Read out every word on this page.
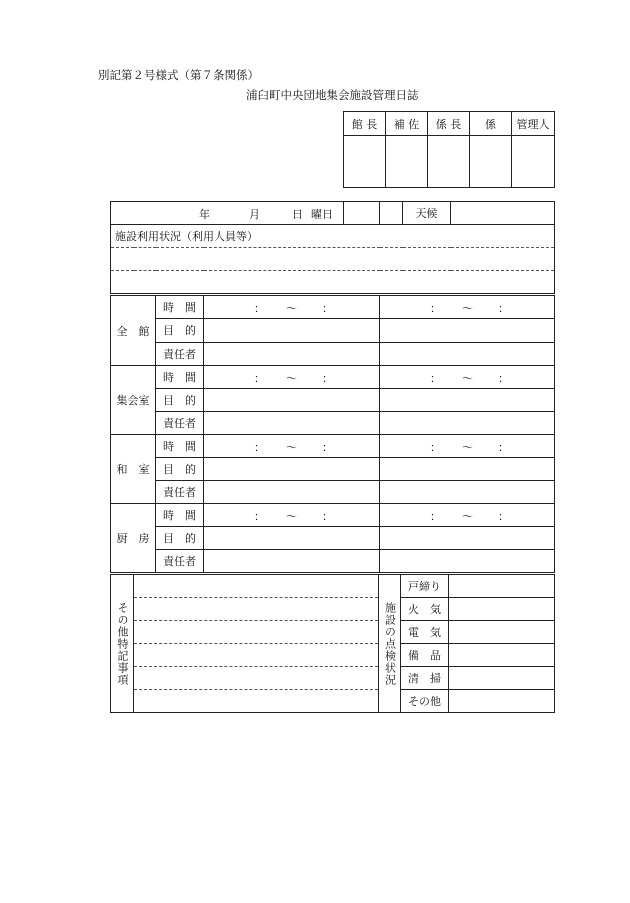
別記第２号様式（第７条関係）
浦臼町中央団地集会施設管理日誌
館 長	補 佐	係 長	係	管理人

年	月	日 曜日		天候	
施設利用状況（利用人員等）

全　館	時　間	： ～ ：	： ～ ：

	目　的		
	責任者		
集会室	時　間	： ～ ：	： ～ ：

	目　的		
	責任者		
和　室	時　間	： ～ ：	： ～ ：

	目　的		
	責任者		
厨　房	時　間	： ～ ：	： ～ ：

	目　的		
	責任者		
その他特記事項		施設の点検状況	戸締り	
			火　気	
			電　気	
			備　品	
			清　掃	
			その他	
